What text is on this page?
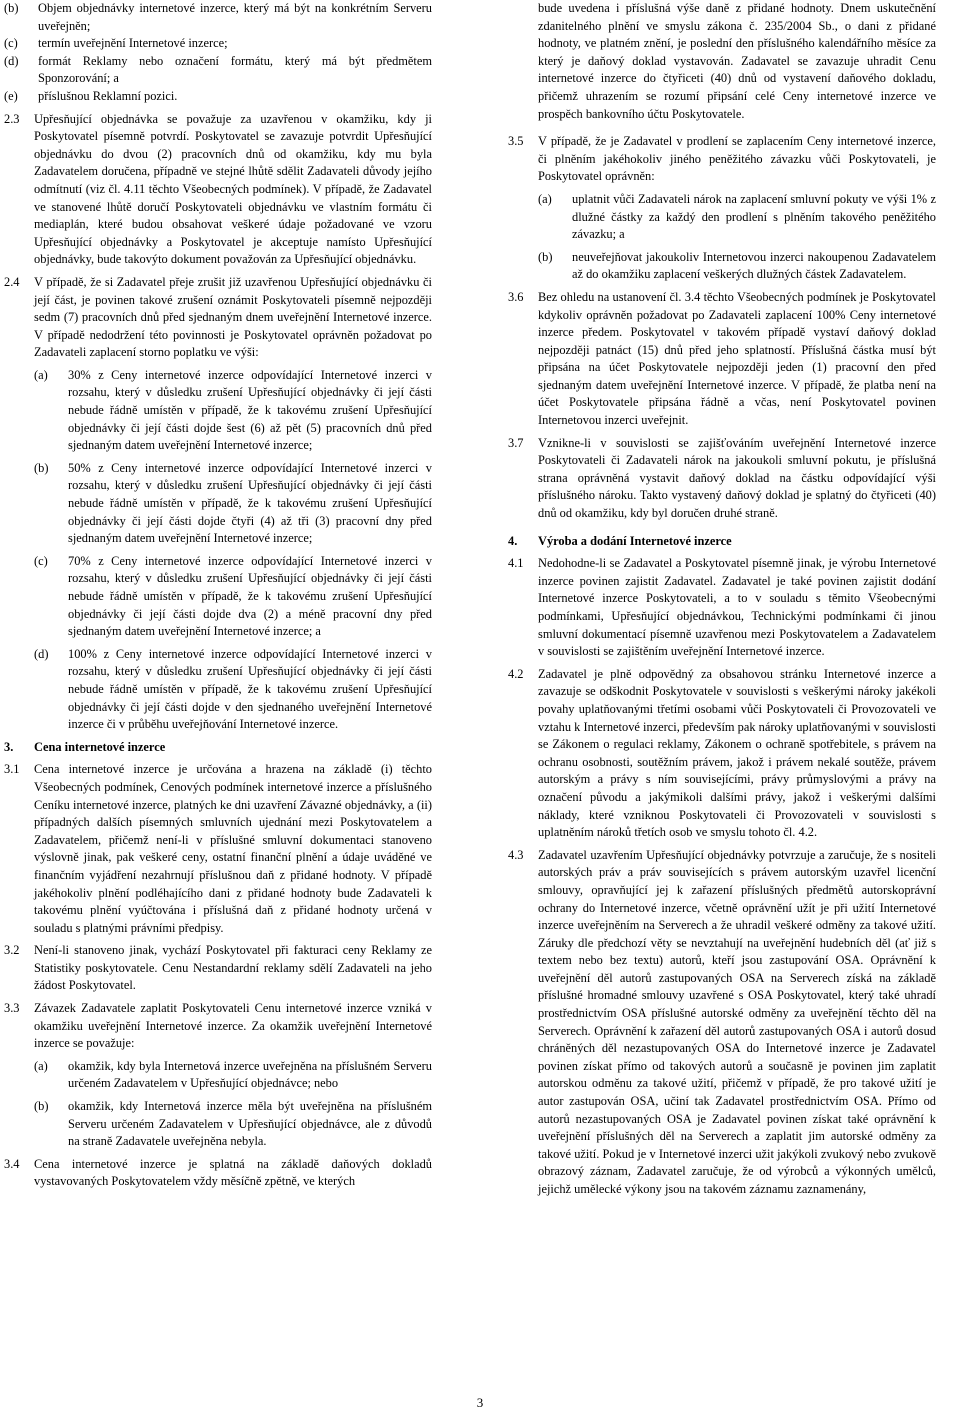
(b)	Objem objednávky internetové inzerce, který má být na konkrétním Serveru uveřejněn;
(c)	termín uveřejnění Internetové inzerce;
(d)	formát Reklamy nebo označení formátu, který má být předmětem Sponzorování; a
(e)	příslušnou Reklamní pozici.
2.3	Upřesňující objednávka se považuje za uzavřenou v okamžiku, kdy ji Poskytovatel písemně potvrdí. Poskytovatel se zavazuje potvrdit Upřesňující objednávku do dvou (2) pracovních dnů od okamžiku, kdy mu byla Zadavatelem doručena, případně ve stejné lhůtě sdělit Zadavateli důvody jejího odmítnutí (viz čl. 4.11 těchto Všeobecných podmínek). V případě, že Zadavatel ve stanovené lhůtě doručí Poskytovateli objednávku ve vlastním formátu či mediaplán, které budou obsahovat veškeré údaje požadované ve vzoru Upřesňující objednávky a Poskytovatel je akceptuje namísto Upřesňující objednávky, bude takovýto dokument považován za Upřesňující objednávku.
2.4	V případě, že si Zadavatel přeje zrušit již uzavřenou Upřesňující objednávku či její část, je povinen takové zrušení oznámit Poskytovateli písemně nejpozději sedm (7) pracovních dnů před sjednaným dnem uveřejnění Internetové inzerce. V případě nedodržení této povinnosti je Poskytovatel oprávněn požadovat po Zadavateli zaplacení storno poplatku ve výši:
(a)	30% z Ceny internetové inzerce odpovídající Internetové inzerci v rozsahu, který v důsledku zrušení Upřesňující objednávky či její části nebude řádně umístěn v případě, že k takovému zrušení Upřesňující objednávky či její části dojde šest (6) až pět (5) pracovních dnů před sjednaným datem uveřejnění Internetové inzerce;
(b)	50% z Ceny internetové inzerce odpovídající Internetové inzerci v rozsahu, který v důsledku zrušení Upřesňující objednávky či její části nebude řádně umístěn v případě, že k takovému zrušení Upřesňující objednávky či její části dojde čtyři (4) až tři (3) pracovní dny před sjednaným datem uveřejnění Internetové inzerce;
(c)	70% z Ceny internetové inzerce odpovídající Internetové inzerci v rozsahu, který v důsledku zrušení Upřesňující objednávky či její části nebude řádně umístěn v případě, že k takovému zrušení Upřesňující objednávky či její části dojde dva (2) a méně pracovní dny před sjednaným datem uveřejnění Internetové inzerce; a
(d)	100% z Ceny internetové inzerce odpovídající Internetové inzerci v rozsahu, který v důsledku zrušení Upřesňující objednávky či její části nebude řádně umístěn v případě, že k takovému zrušení Upřesňující objednávky či její části dojde v den sjednaného uveřejnění Internetové inzerce či v průběhu uveřejňování Internetové inzerce.
3.	Cena internetové inzerce
3.1	Cena internetové inzerce je určována a hrazena na základě (i) těchto Všeobecných podmínek, Cenových podmínek internetové inzerce a příslušného Ceníku internetové inzerce, platných ke dni uzavření Závazné objednávky, a (ii) případných dalších písemných smluvních ujednání mezi Poskytovatelem a Zadavatelem, přičemž není-li v příslušné smluvní dokumentaci stanoveno výslovně jinak, pak veškeré ceny, ostatní finanční plnění a údaje uváděné ve finančním vyjádření nezahrnují příslušnou daň z přidané hodnoty. V případě jakéhokoliv plnění podléhajícího dani z přidané hodnoty bude Zadavateli k takovému plnění vyúčtována i příslušná daň z přidané hodnoty určená v souladu s platnými právními předpisy.
3.2	Není-li stanoveno jinak, vychází Poskytovatel při fakturaci ceny Reklamy ze Statistiky poskytovatele. Cenu Nestandardní reklamy sdělí Zadavateli na jeho žádost Poskytovatel.
3.3	Závazek Zadavatele zaplatit Poskytovateli Cenu internetové inzerce vzniká v okamžiku uveřejnění Internetové inzerce. Za okamžik uveřejnění Internetové inzerce se považuje:
(a)	okamžik, kdy byla Internetová inzerce uveřejněna na příslušném Serveru určeném Zadavatelem v Upřesňující objednávce; nebo
(b)	okamžik, kdy Internetová inzerce měla být uveřejněna na příslušném Serveru určeném Zadavatelem v Upřesňující objednávce, ale z důvodů na straně Zadavatele uveřejněna nebyla.
3.4	Cena internetové inzerce je splatná na základě daňových dokladů vystavovaných Poskytovatelem vždy měsíčně zpětně, ve kterých
bude uvedena i příslušná výše daně z přidané hodnoty. Dnem uskutečnění zdanitelného plnění ve smyslu zákona č. 235/2004 Sb., o dani z přidané hodnoty, ve platném znění, je poslední den příslušného kalendářního měsíce za který je daňový doklad vystavován. Zadavatel se zavazuje uhradit Cenu internetové inzerce do čtyřiceti (40) dnů od vystavení daňového dokladu, přičemž uhrazením se rozumí připsání celé Ceny internetové inzerce ve prospěch bankovního účtu Poskytovatele.
3.5	V případě, že je Zadavatel v prodlení se zaplacením Ceny internetové inzerce, či plněním jakéhokoliv jiného peněžitého závazku vůči Poskytovateli, je Poskytovatel oprávněn:
(a)	uplatnit vůči Zadavateli nárok na zaplacení smluvní pokuty ve výši 1% z dlužné částky za každý den prodlení s plněním takového peněžitého závazku; a
(b)	neuveřejňovat jakoukoliv Internetovou inzerci nakoupenou Zadavatelem až do okamžiku zaplacení veškerých dlužných částek Zadavatelem.
3.6	Bez ohledu na ustanovení čl. 3.4 těchto Všeobecných podmínek je Poskytovatel kdykoliv oprávněn požadovat po Zadavateli zaplacení 100% Ceny internetové inzerce předem. Poskytovatel v takovém případě vystaví daňový doklad nejpozději patnáct (15) dnů před jeho splatností. Příslušná částka musí být připsána na účet Poskytovatele nejpozději jeden (1) pracovní den před sjednaným datem uveřejnění Internetové inzerce. V případě, že platba není na účet Poskytovatele připsána řádně a včas, není Poskytovatel povinen Internetovou inzerci uveřejnit.
3.7	Vznikne-li v souvislosti se zajišťováním uveřejnění Internetové inzerce Poskytovateli či Zadavateli nárok na jakoukoli smluvní pokutu, je příslušná strana oprávněná vystavit daňový doklad na částku odpovídající výši příslušného nároku. Takto vystavený daňový doklad je splatný do čtyřiceti (40) dnů od okamžiku, kdy byl doručen druhé straně.
4.	Výroba a dodání Internetové inzerce
4.1	Nedohodne-li se Zadavatel a Poskytovatel písemně jinak, je výrobu Internetové inzerce povinen zajistit Zadavatel. Zadavatel je také povinen zajistit dodání Internetové inzerce Poskytovateli, a to v souladu s těmito Všeobecnými podmínkami, Upřesňující objednávkou, Technickými podmínkami či jinou smluvní dokumentací písemně uzavřenou mezi Poskytovatelem a Zadavatelem v souvislosti se zajištěním uveřejnění Internetové inzerce.
4.2	Zadavatel je plně odpovědný za obsahovou stránku Internetové inzerce a zavazuje se odškodnit Poskytovatele v souvislosti s veškerými nároky jakékoli povahy uplatňovanými třetími osobami vůči Poskytovateli či Provozovateli ve vztahu k Internetové inzerci, především pak nároky uplatňovanými v souvislosti se Zákonem o regulaci reklamy, Zákonem o ochraně spotřebitele, s právem na ochranu osobnosti, soutěžním právem, jakož i právem nekalé soutěže, právem autorským a právy s ním souvisejícími, právy průmyslovými a právy na označení původu a jakýmikoli dalšími právy, jakož i veškerými dalšími náklady, které vzniknou Poskytovateli či Provozovateli v souvislosti s uplatněním nároků třetích osob ve smyslu tohoto čl. 4.2.
4.3	Zadavatel uzavřením Upřesňující objednávky potvrzuje a zaručuje, že s nositeli autorských práv a práv souvisejících s právem autorským uzavřel licenční smlouvy, opravňující jej k zařazení příslušných předmětů autorskoprávní ochrany do Internetové inzerce, včetně oprávnění užít je při užití Internetové inzerce uveřejněním na Serverech a že uhradil veškeré odměny za takové užití. Záruky dle předchozí věty se nevztahují na uveřejnění hudebních děl (ať již s textem nebo bez textu) autorů, kteří jsou zastupování OSA. Oprávnění k uveřejnění děl autorů zastupovaných OSA na Serverech získá na základě příslušné hromadné smlouvy uzavřené s OSA Poskytovatel, který také uhradí prostřednictvím OSA příslušné autorské odměny za uveřejnění těchto děl na Serverech. Oprávnění k zařazení děl autorů zastupovaných OSA i autorů dosud chráněných děl nezastupovaných OSA do Internetové inzerce je Zadavatel povinen získat přímo od takových autorů a současně je povinen jim zaplatit autorskou odměnu za takové užití, přičemž v případě, že pro takové užití je autor zastupován OSA, učiní tak Zadavatel prostřednictvím OSA. Přímo od autorů nezastupovaných OSA je Zadavatel povinen získat také oprávnění k uveřejnění příslušných děl na Serverech a zaplatit jim autorské odměny za takové užití. Pokud je v Internetové inzerci užit jakýkoli zvukový nebo zvukově obrazový záznam, Zadavatel zaručuje, že od výrobců a výkonných umělců, jejichž umělecké výkony jsou na takovém záznamu zaznamenány,
3
